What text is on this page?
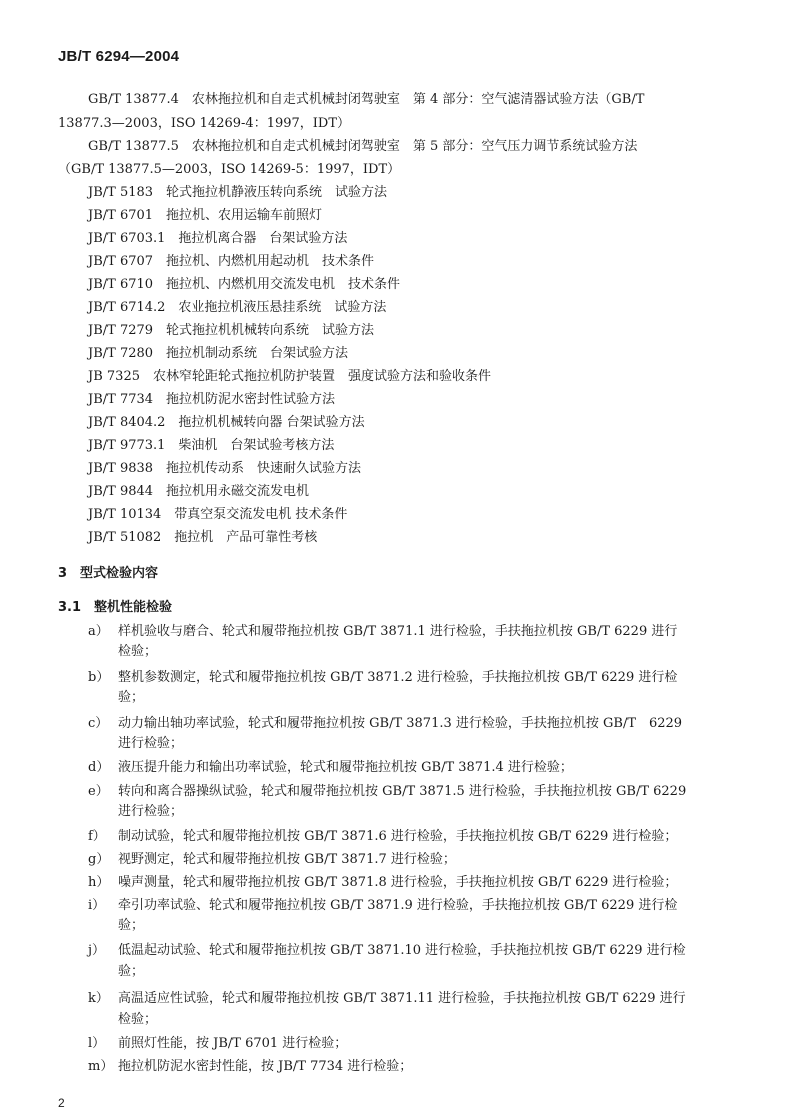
JB/T 6294—2004
GB/T 13877.4　农林拖拉机和自走式机械封闭驾驶室　第 4 部分：空气滤清器试验方法（GB/T
13877.3—2003，ISO 14269-4：1997，IDT）
GB/T 13877.5　农林拖拉机和自走式机械封闭驾驶室　第 5 部分：空气压力调节系统试验方法
（GB/T 13877.5—2003，ISO 14269-5：1997，IDT）
JB/T 5183　轮式拖拉机静液压转向系统　试验方法
JB/T 6701　拖拉机、农用运输车前照灯
JB/T 6703.1　拖拉机离合器　台架试验方法
JB/T 6707　拖拉机、内燃机用起动机　技术条件
JB/T 6710　拖拉机、内燃机用交流发电机　技术条件
JB/T 6714.2　农业拖拉机液压悬挂系统　试验方法
JB/T 7279　轮式拖拉机机械转向系统　试验方法
JB/T 7280　拖拉机制动系统　台架试验方法
JB 7325　农林窄轮距轮式拖拉机防护装置　强度试验方法和验收条件
JB/T 7734　拖拉机防泥水密封性试验方法
JB/T 8404.2　拖拉机机械转向器 台架试验方法
JB/T 9773.1　柴油机　台架试验考核方法
JB/T 9838　拖拉机传动系　快速耐久试验方法
JB/T 9844　拖拉机用永磁交流发电机
JB/T 10134　带真空泵交流发电机 技术条件
JB/T 51082　拖拉机　产品可靠性考核
3　型式检验内容
3.1　整机性能检验
a） 样机验收与磨合、轮式和履带拖拉机按 GB/T 3871.1 进行检验，手扶拖拉机按 GB/T 6229 进行
检验；
b） 整机参数测定，轮式和履带拖拉机按 GB/T 3871.2 进行检验，手扶拖拉机按 GB/T 6229 进行检
验；
c） 动力输出轴功率试验，轮式和履带拖拉机按 GB/T 3871.3 进行检验，手扶拖拉机按 GB/T　6229
进行检验；
d） 液压提升能力和输出功率试验，轮式和履带拖拉机按 GB/T 3871.4 进行检验；
e） 转向和离合器操纵试验，轮式和履带拖拉机按 GB/T 3871.5 进行检验，手扶拖拉机按 GB/T 6229
进行检验；
f） 制动试验，轮式和履带拖拉机按 GB/T 3871.6 进行检验，手扶拖拉机按 GB/T 6229 进行检验；
g） 视野测定，轮式和履带拖拉机按 GB/T 3871.7 进行检验；
h） 噪声测量，轮式和履带拖拉机按 GB/T 3871.8 进行检验，手扶拖拉机按 GB/T 6229 进行检验；
i） 牵引功率试验、轮式和履带拖拉机按 GB/T 3871.9 进行检验，手扶拖拉机按 GB/T 6229 进行检
验；
j） 低温起动试验、轮式和履带拖拉机按 GB/T 3871.10 进行检验，手扶拖拉机按 GB/T 6229 进行检
验；
k） 高温适应性试验，轮式和履带拖拉机按 GB/T 3871.11 进行检验，手扶拖拉机按 GB/T 6229 进行
检验；
l） 前照灯性能，按 JB/T 6701 进行检验；
m） 拖拉机防泥水密封性能，按 JB/T 7734 进行检验；
2
